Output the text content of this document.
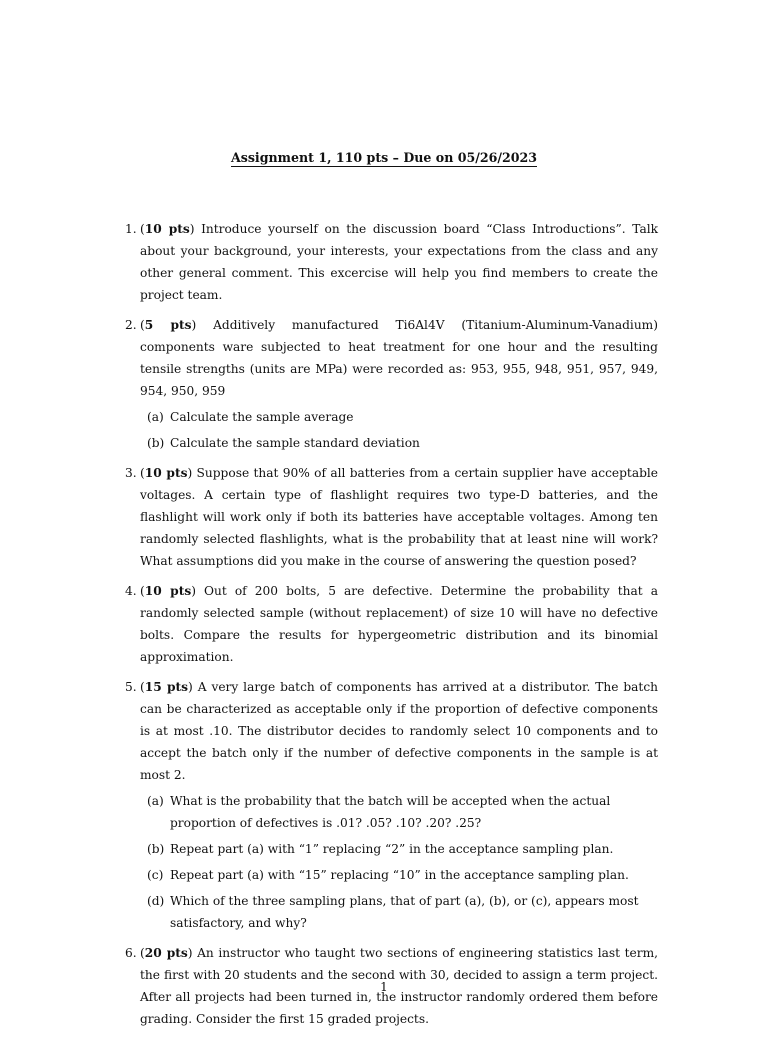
Assignment 1, 110 pts – Due on 05/26/2023
1. (10 pts) Introduce yourself on the discussion board “Class Introductions”. Talk about your background, your interests, your expectations from the class and any other general comment. This excercise will help you find members to create the project team.
2. (5 pts) Additively manufactured Ti6Al4V (Titanium-Aluminum-Vanadium) components ware subjected to heat treatment for one hour and the resulting tensile strengths (units are MPa) were recorded as: 953, 955, 948, 951, 957, 949, 954, 950, 959
(a) Calculate the sample average
(b) Calculate the sample standard deviation
3. (10 pts) Suppose that 90% of all batteries from a certain supplier have acceptable voltages. A certain type of flashlight requires two type-D batteries, and the flashlight will work only if both its batteries have acceptable voltages. Among ten randomly selected flashlights, what is the probability that at least nine will work? What assumptions did you make in the course of answering the question posed?
4. (10 pts) Out of 200 bolts, 5 are defective. Determine the probability that a randomly selected sample (without replacement) of size 10 will have no defective bolts. Compare the results for hypergeometric distribution and its binomial approximation.
5. (15 pts) A very large batch of components has arrived at a distributor. The batch can be characterized as acceptable only if the proportion of defective components is at most .10. The distributor decides to randomly select 10 components and to accept the batch only if the number of defective components in the sample is at most 2.
(a) What is the probability that the batch will be accepted when the actual proportion of defectives is .01? .05? .10? .20? .25?
(b) Repeat part (a) with “1” replacing “2” in the acceptance sampling plan.
(c) Repeat part (a) with “15” replacing “10” in the acceptance sampling plan.
(d) Which of the three sampling plans, that of part (a), (b), or (c), appears most satisfactory, and why?
6. (20 pts) An instructor who taught two sections of engineering statistics last term, the first with 20 students and the second with 30, decided to assign a term project. After all projects had been turned in, the instructor randomly ordered them before grading. Consider the first 15 graded projects.
1
